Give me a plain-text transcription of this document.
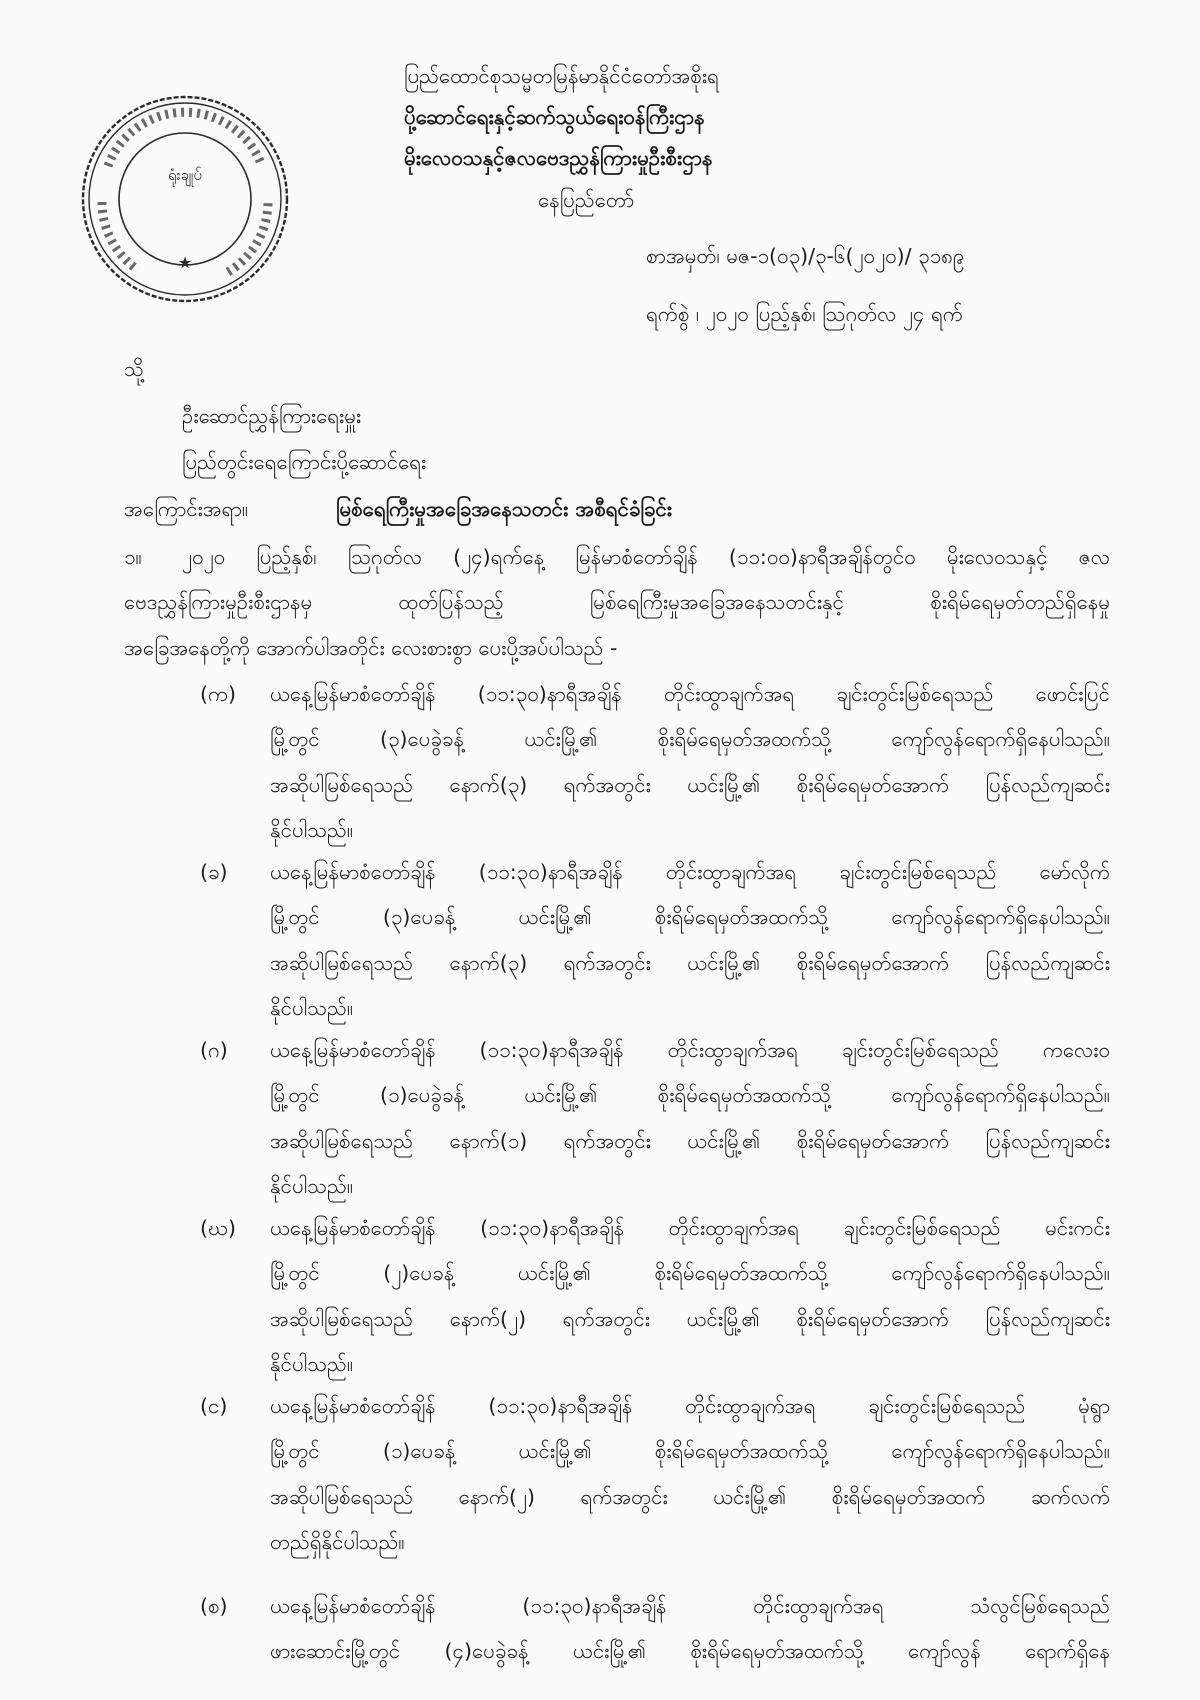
ရုံးချုပ်
★
ပြည်ထောင်စုသမ္မတမြန်မာနိုင်ငံတော်အစိုးရ
ပို့ဆောင်ရေးနှင့်ဆက်သွယ်ရေးဝန်ကြီးဌာန
မိုးလေဝသနှင့်ဇလဗေဒညွှန်ကြားမှုဦးစီးဌာန
နေပြည်တော်
စာအမှတ်၊ မဇ-၁(၀၃)/၃-၆(၂၀၂၀)/ ၃၁၈၉
ရက်စွဲ ၊ ၂၀၂၀ ပြည့်နှစ်၊ ဩဂုတ်လ ၂၄ ရက်
သို့
ဦးဆောင်ညွှန်ကြားရေးမှူး
ပြည်တွင်းရေကြောင်းပို့ဆောင်ရေး
အကြောင်းအရာ။	မြစ်ရေကြီးမှုအခြေအနေသတင်း အစီရင်ခံခြင်း
၁။ ၂၀၂၀ ပြည့်နှစ်၊ ဩဂုတ်လ (၂၄)ရက်နေ့ မြန်မာစံတော်ချိန် (၁၁:၀၀)နာရီအချိန်တွင်ဝ မိုးလေဝသနှင့် ဇလ
ဗေဒညွှန်ကြားမှုဦးစီးဌာနမှ ထုတ်ပြန်သည့် မြစ်ရေကြီးမှုအခြေအနေသတင်းနှင့် စိုးရိမ်ရေမှတ်တည်ရှိနေမှု
အခြေအနေတို့ကို အောက်ပါအတိုင်း လေးစားစွာ ပေးပို့အပ်ပါသည် -
(က) ယနေ့မြန်မာစံတော်ချိန် (၁၁:၃၀)နာရီအချိန် တိုင်းထွာချက်အရ ချင်းတွင်းမြစ်ရေသည် ဖောင်းပြင်
မြို့တွင် (၃)ပေခွဲခန့် ယင်းမြို့၏ စိုးရိမ်ရေမှတ်အထက်သို့ ကျော်လွန်ရောက်ရှိနေပါသည်။
အဆိုပါမြစ်ရေသည် နောက်(၃) ရက်အတွင်း ယင်းမြို့၏ စိုးရိမ်ရေမှတ်အောက် ပြန်လည်ကျဆင်း
နိုင်ပါသည်။
(ခ) ယနေ့မြန်မာစံတော်ချိန် (၁၁:၃၀)နာရီအချိန် တိုင်းထွာချက်အရ ချင်းတွင်းမြစ်ရေသည် မော်လိုက်
မြို့တွင် (၃)ပေခန့် ယင်းမြို့၏ စိုးရိမ်ရေမှတ်အထက်သို့ ကျော်လွန်ရောက်ရှိနေပါသည်။
အဆိုပါမြစ်ရေသည် နောက်(၃) ရက်အတွင်း ယင်းမြို့၏ စိုးရိမ်ရေမှတ်အောက် ပြန်လည်ကျဆင်း
နိုင်ပါသည်။
(ဂ) ယနေ့မြန်မာစံတော်ချိန် (၁၁:၃၀)နာရီအချိန် တိုင်းထွာချက်အရ ချင်းတွင်းမြစ်ရေသည် ကလေးဝ
မြို့တွင် (၁)ပေခွဲခန့် ယင်းမြို့၏ စိုးရိမ်ရေမှတ်အထက်သို့ ကျော်လွန်ရောက်ရှိနေပါသည်။
အဆိုပါမြစ်ရေသည် နောက်(၁) ရက်အတွင်း ယင်းမြို့၏ စိုးရိမ်ရေမှတ်အောက် ပြန်လည်ကျဆင်း
နိုင်ပါသည်။
(ဃ) ယနေ့မြန်မာစံတော်ချိန် (၁၁:၃၀)နာရီအချိန် တိုင်းထွာချက်အရ ချင်းတွင်းမြစ်ရေသည် မင်းကင်း
မြို့တွင် (၂)ပေခန့် ယင်းမြို့၏ စိုးရိမ်ရေမှတ်အထက်သို့ ကျော်လွန်ရောက်ရှိနေပါသည်။
အဆိုပါမြစ်ရေသည် နောက်(၂) ရက်အတွင်း ယင်းမြို့၏ စိုးရိမ်ရေမှတ်အောက် ပြန်လည်ကျဆင်း
နိုင်ပါသည်။
(င) ယနေ့မြန်မာစံတော်ချိန် (၁၁:၃၀)နာရီအချိန် တိုင်းထွာချက်အရ ချင်းတွင်းမြစ်ရေသည် မုံရွာ
မြို့တွင် (၁)ပေခန့် ယင်းမြို့၏ စိုးရိမ်ရေမှတ်အထက်သို့ ကျော်လွန်ရောက်ရှိနေပါသည်။
အဆိုပါမြစ်ရေသည် နောက်(၂) ရက်အတွင်း ယင်းမြို့၏ စိုးရိမ်ရေမှတ်အထက် ဆက်လက်
တည်ရှိနိုင်ပါသည်။
(စ) ယနေ့မြန်မာစံတော်ချိန် (၁၁:၃၀)နာရီအချိန် တိုင်းထွာချက်အရ သံလွင်မြစ်ရေသည်
ဖားဆောင်းမြို့တွင် (၄)ပေခွဲခန့် ယင်းမြို့၏ စိုးရိမ်ရေမှတ်အထက်သို့ ကျော်လွန် ရောက်ရှိနေ
